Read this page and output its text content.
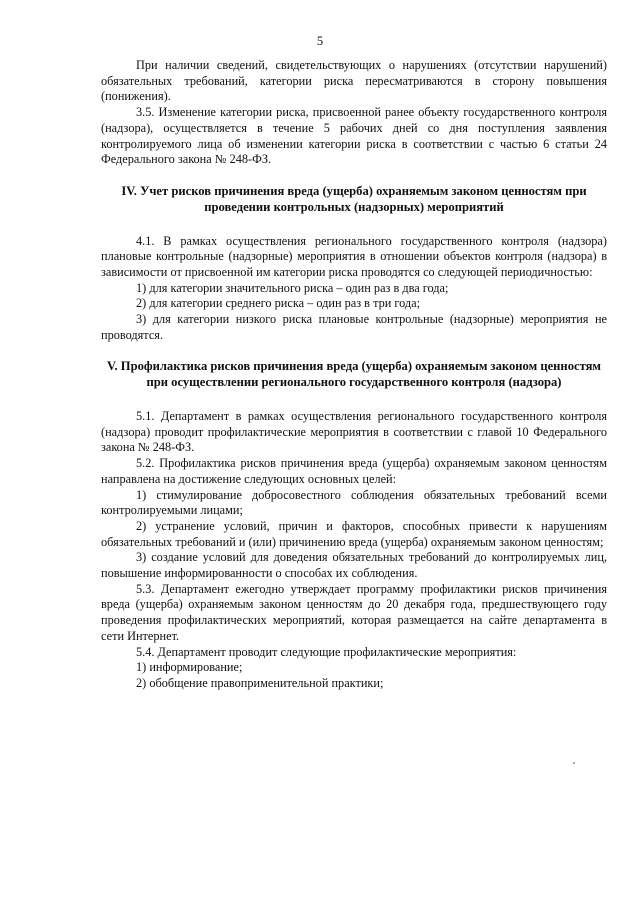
5

При наличии сведений, свидетельствующих о нарушениях (отсутствии нарушений) обязательных требований, категории риска пересматриваются в сторону повышения (понижения).

3.5. Изменение категории риска, присвоенной ранее объекту государственного контроля (надзора), осуществляется в течение 5 рабочих дней со дня поступления заявления контролируемого лица об изменении категории риска в соответствии с частью 6 статьи 24 Федерального закона № 248-ФЗ.

IV. Учет рисков причинения вреда (ущерба) охраняемым законом ценностям при проведении контрольных (надзорных) мероприятий

4.1. В рамках осуществления регионального государственного контроля (надзора) плановые контрольные (надзорные) мероприятия в отношении объектов контроля (надзора) в зависимости от присвоенной им категории риска проводятся со следующей периодичностью:

1) для категории значительного риска – один раз в два года;

2) для категории среднего риска – один раз в три года;

3) для категории низкого риска плановые контрольные (надзорные) мероприятия не проводятся.

V. Профилактика рисков причинения вреда (ущерба) охраняемым законом ценностям при осуществлении регионального государственного контроля (надзора)

5.1. Департамент в рамках осуществления регионального государственного контроля (надзора) проводит профилактические мероприятия в соответствии с главой 10 Федерального закона № 248-ФЗ.

5.2. Профилактика рисков причинения вреда (ущерба) охраняемым законом ценностям направлена на достижение следующих основных целей:

1) стимулирование добросовестного соблюдения обязательных требований всеми контролируемыми лицами;

2) устранение условий, причин и факторов, способных привести к нарушениям обязательных требований и (или) причинению вреда (ущерба) охраняемым законом ценностям;

3) создание условий для доведения обязательных требований до контролируемых лиц, повышение информированности о способах их соблюдения.

5.3. Департамент ежегодно утверждает программу профилактики рисков причинения вреда (ущерба) охраняемым законом ценностям до 20 декабря года, предшествующего году проведения профилактических мероприятий, которая размещается на сайте департамента в сети Интернет.

5.4. Департамент проводит следующие профилактические мероприятия:

1) информирование;

2) обобщение правоприменительной практики;
